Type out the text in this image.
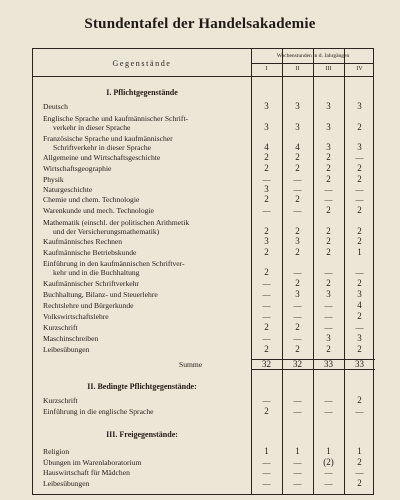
Stundentafel der Handelsakademie
Gegenstände
Wochenstunden in d. Jahrgängen
I	II	III	IV
I. Pflichtgegenstände
Deutsch	3	3	3	3
Englische Sprache und kaufmännischer Schrift-
verkehr in dieser Sprache	3	3	3	2
Französische Sprache und kaufmännischer
Schriftverkehr in dieser Sprache	4	4	3	3
Allgemeine und Wirtschaftsgeschichte	2	2	2	—
Wirtschaftsgeographie	2	2	2	2
Physik	—	—	2	2
Naturgeschichte	3	—	—	—
Chemie und chem. Technologie	2	2	—	—
Warenkunde und mech. Technologie	—	—	2	2
Mathematik (einschl. der politischen Arithmetik
und der Versicherungsmathematik)	2	2	2	2
Kaufmännisches Rechnen	3	3	2	2
Kaufmännische Betriebskunde	2	2	2	1
Einführung in den kaufmännischen Schriftver-
kehr und in die Buchhaltung	2	—	—	—
Kaufmännischer Schriftverkehr	—	2	2	2
Buchhaltung, Bilanz- und Steuerlehre	—	3	3	3
Rechtslehre und Bürgerkunde	—	—	—	4
Volkswirtschaftslehre	—	—	—	2
Kurzschrift	2	2	—	—
Maschinschreiben	—	—	3	3
Leibesübungen	2	2	2	2
Summe	32	32	33	33
II. Bedingte Pflichtgegenstände:
Kurzschrift	—	—	—	2
Einführung in die englische Sprache	2	—	—	—
III. Freigegenstände:
Religion	1	1	1	1
Übungen im Warenlaboratorium	—	—	(2)	2
Hauswirtschaft für Mädchen	—	—	—	—
Leibesübungen	—	—	—	2
